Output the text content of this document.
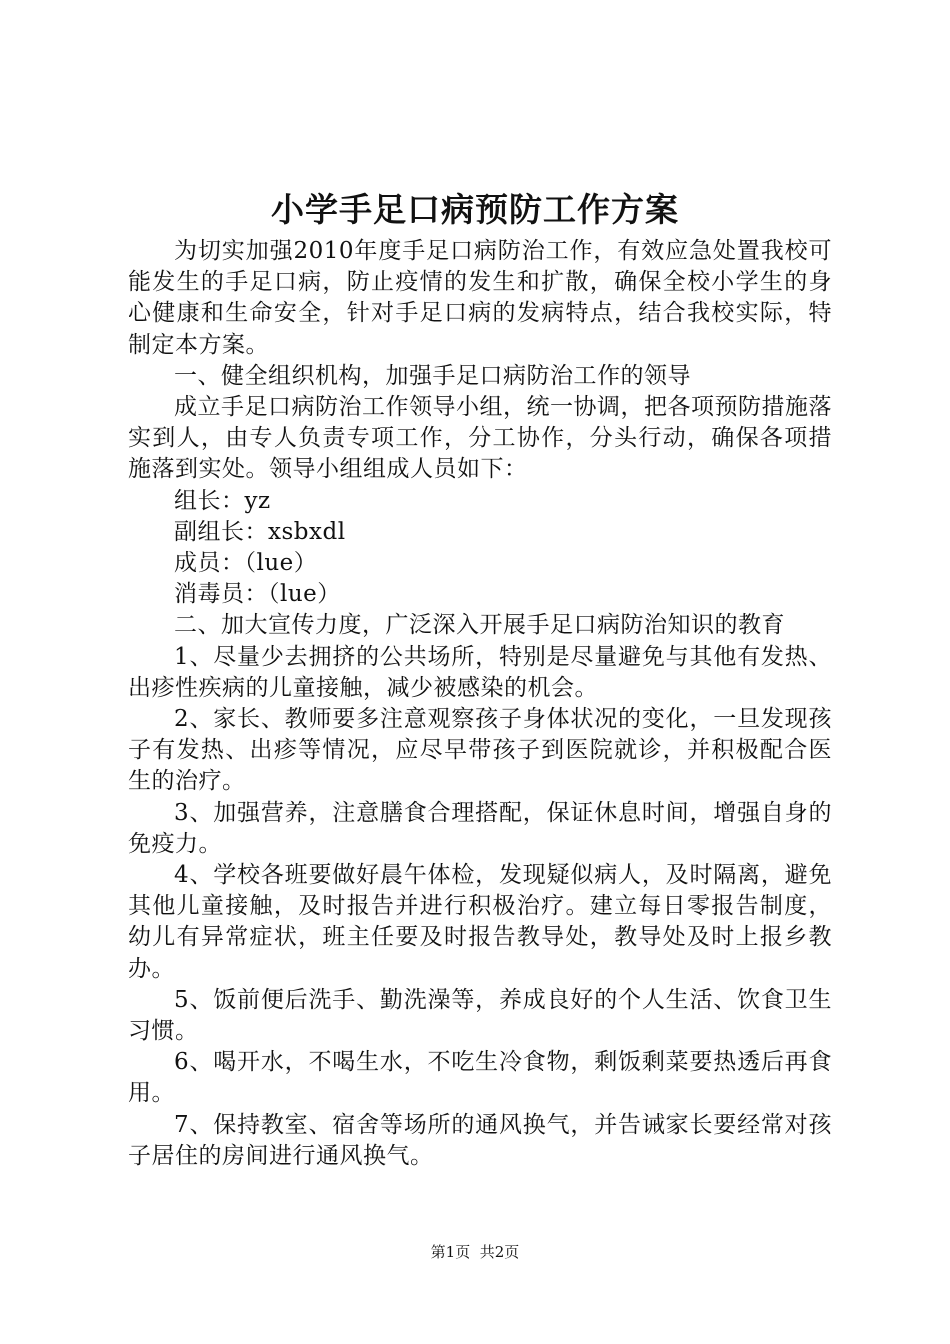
小学手足口病预防工作方案

为切实加强2010年度手足口病防治工作，有效应急处置我校可能发生的手足口病，防止疫情的发生和扩散，确保全校小学生的身心健康和生命安全，针对手足口病的发病特点，结合我校实际，特制定本方案。

一、健全组织机构，加强手足口病防治工作的领导

成立手足口病防治工作领导小组，统一协调，把各项预防措施落实到人，由专人负责专项工作，分工协作，分头行动，确保各项措施落到实处。领导小组组成人员如下：

组长：yz

副组长：xsbxdl

成员：（lue）

消毒员：（lue）

二、加大宣传力度，广泛深入开展手足口病防治知识的教育

1、尽量少去拥挤的公共场所，特别是尽量避免与其他有发热、出疹性疾病的儿童接触，减少被感染的机会。

2、家长、教师要多注意观察孩子身体状况的变化，一旦发现孩子有发热、出疹等情况，应尽早带孩子到医院就诊，并积极配合医生的治疗。

3、加强营养，注意膳食合理搭配，保证休息时间，增强自身的免疫力。

4、学校各班要做好晨午体检，发现疑似病人，及时隔离，避免其他儿童接触，及时报告并进行积极治疗。建立每日零报告制度，幼儿有异常症状，班主任要及时报告教导处，教导处及时上报乡教办。

5、饭前便后洗手、勤洗澡等，养成良好的个人生活、饮食卫生习惯。

6、喝开水，不喝生水，不吃生冷食物，剩饭剩菜要热透后再食用。

7、保持教室、宿舍等场所的通风换气，并告诫家长要经常对孩子居住的房间进行通风换气。

第1页 共2页
